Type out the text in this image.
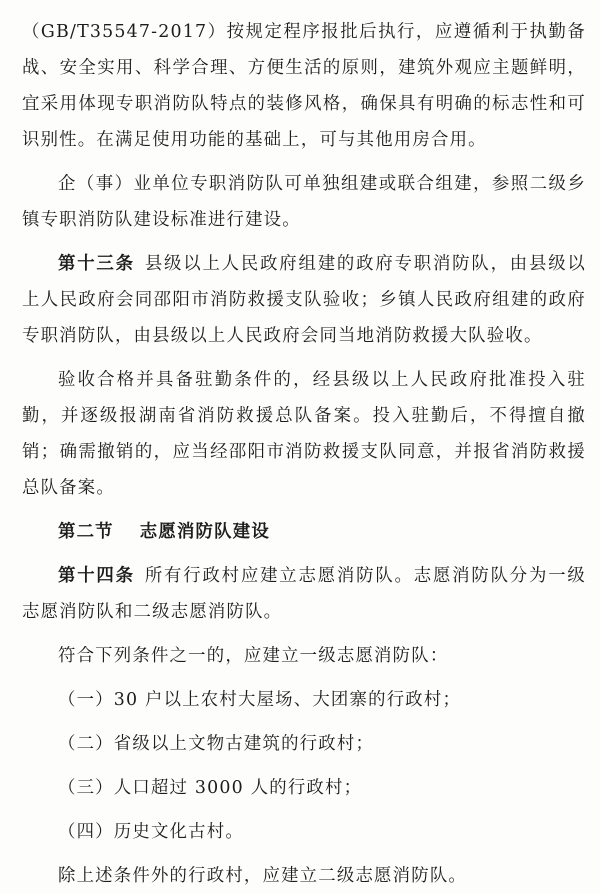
（GB/T35547-2017）按规定程序报批后执行，应遵循利于执勤备战、安全实用、科学合理、方便生活的原则，建筑外观应主题鲜明，宜采用体现专职消防队特点的装修风格，确保具有明确的标志性和可识别性。在满足使用功能的基础上，可与其他用房合用。

企（事）业单位专职消防队可单独组建或联合组建，参照二级乡镇专职消防队建设标准进行建设。

第十三条 县级以上人民政府组建的政府专职消防队，由县级以上人民政府会同邵阳市消防救援支队验收；乡镇人民政府组建的政府专职消防队，由县级以上人民政府会同当地消防救援大队验收。

验收合格并具备驻勤条件的，经县级以上人民政府批准投入驻勤，并逐级报湖南省消防救援总队备案。投入驻勤后，不得擅自撤销；确需撤销的，应当经邵阳市消防救援支队同意，并报省消防救援总队备案。

第二节 志愿消防队建设

第十四条 所有行政村应建立志愿消防队。志愿消防队分为一级志愿消防队和二级志愿消防队。

符合下列条件之一的，应建立一级志愿消防队：

（一）30 户以上农村大屋场、大团寨的行政村；
（二）省级以上文物古建筑的行政村；
（三）人口超过 3000 人的行政村；
（四）历史文化古村。

除上述条件外的行政村，应建立二级志愿消防队。
